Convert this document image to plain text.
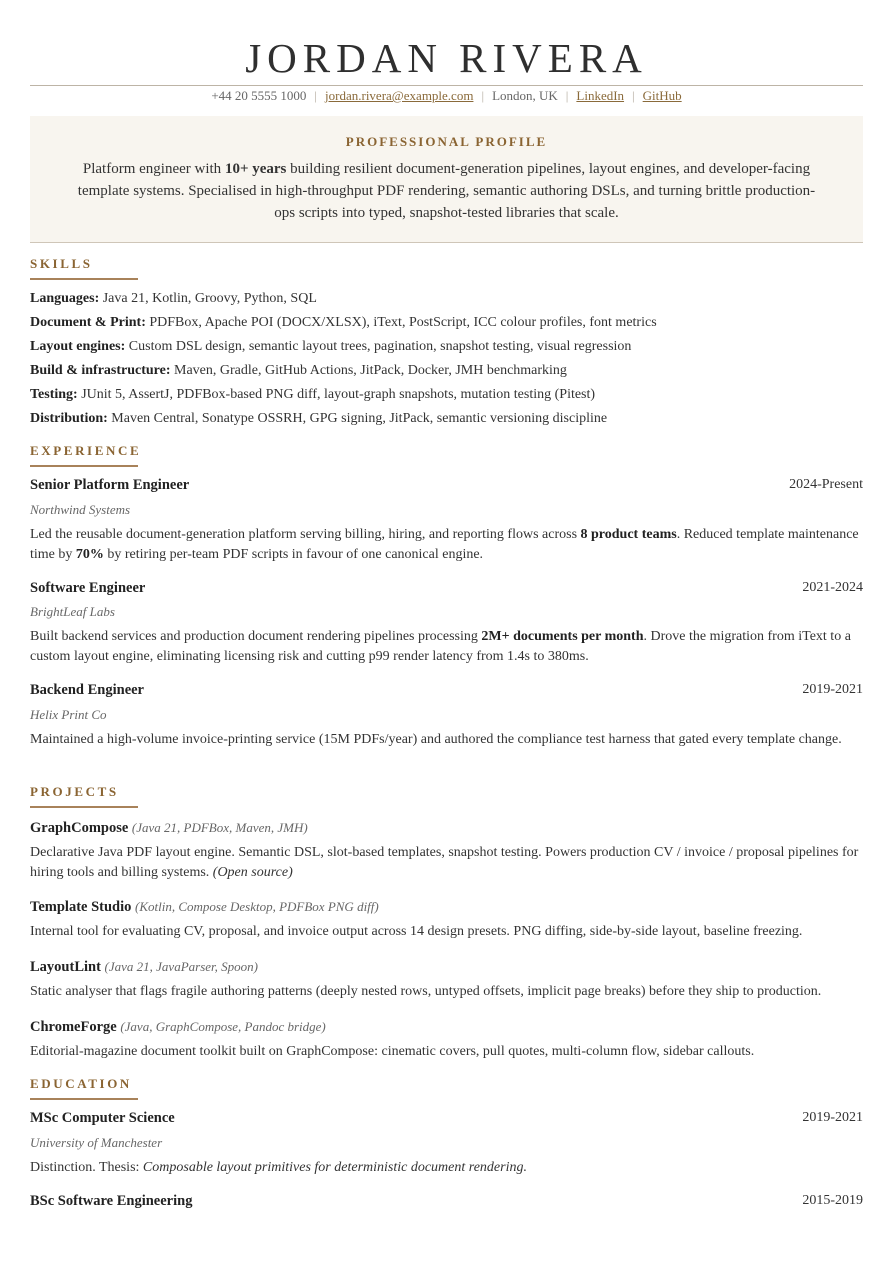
JORDAN RIVERA
+44 20 5555 1000 | jordan.rivera@example.com | London, UK | LinkedIn | GitHub
PROFESSIONAL PROFILE
Platform engineer with 10+ years building resilient document-generation pipelines, layout engines, and developer-facing template systems. Specialised in high-throughput PDF rendering, semantic authoring DSLs, and turning brittle production-ops scripts into typed, snapshot-tested libraries that scale.
SKILLS
Languages: Java 21, Kotlin, Groovy, Python, SQL
Document & Print: PDFBox, Apache POI (DOCX/XLSX), iText, PostScript, ICC colour profiles, font metrics
Layout engines: Custom DSL design, semantic layout trees, pagination, snapshot testing, visual regression
Build & infrastructure: Maven, Gradle, GitHub Actions, JitPack, Docker, JMH benchmarking
Testing: JUnit 5, AssertJ, PDFBox-based PNG diff, layout-graph snapshots, mutation testing (Pitest)
Distribution: Maven Central, Sonatype OSSRH, GPG signing, JitPack, semantic versioning discipline
EXPERIENCE
Senior Platform Engineer	2024-Present
Northwind Systems
Led the reusable document-generation platform serving billing, hiring, and reporting flows across 8 product teams. Reduced template maintenance time by 70% by retiring per-team PDF scripts in favour of one canonical engine.
Software Engineer	2021-2024
BrightLeaf Labs
Built backend services and production document rendering pipelines processing 2M+ documents per month. Drove the migration from iText to a custom layout engine, eliminating licensing risk and cutting p99 render latency from 1.4s to 380ms.
Backend Engineer	2019-2021
Helix Print Co
Maintained a high-volume invoice-printing service (15M PDFs/year) and authored the compliance test harness that gated every template change.
PROJECTS
GraphCompose (Java 21, PDFBox, Maven, JMH)
Declarative Java PDF layout engine. Semantic DSL, slot-based templates, snapshot testing. Powers production CV / invoice / proposal pipelines for hiring tools and billing systems. (Open source)
Template Studio (Kotlin, Compose Desktop, PDFBox PNG diff)
Internal tool for evaluating CV, proposal, and invoice output across 14 design presets. PNG diffing, side-by-side layout, baseline freezing.
LayoutLint (Java 21, JavaParser, Spoon)
Static analyser that flags fragile authoring patterns (deeply nested rows, untyped offsets, implicit page breaks) before they ship to production.
ChromeForge (Java, GraphCompose, Pandoc bridge)
Editorial-magazine document toolkit built on GraphCompose: cinematic covers, pull quotes, multi-column flow, sidebar callouts.
EDUCATION
MSc Computer Science	2019-2021
University of Manchester
Distinction. Thesis: Composable layout primitives for deterministic document rendering.
BSc Software Engineering	2015-2019
